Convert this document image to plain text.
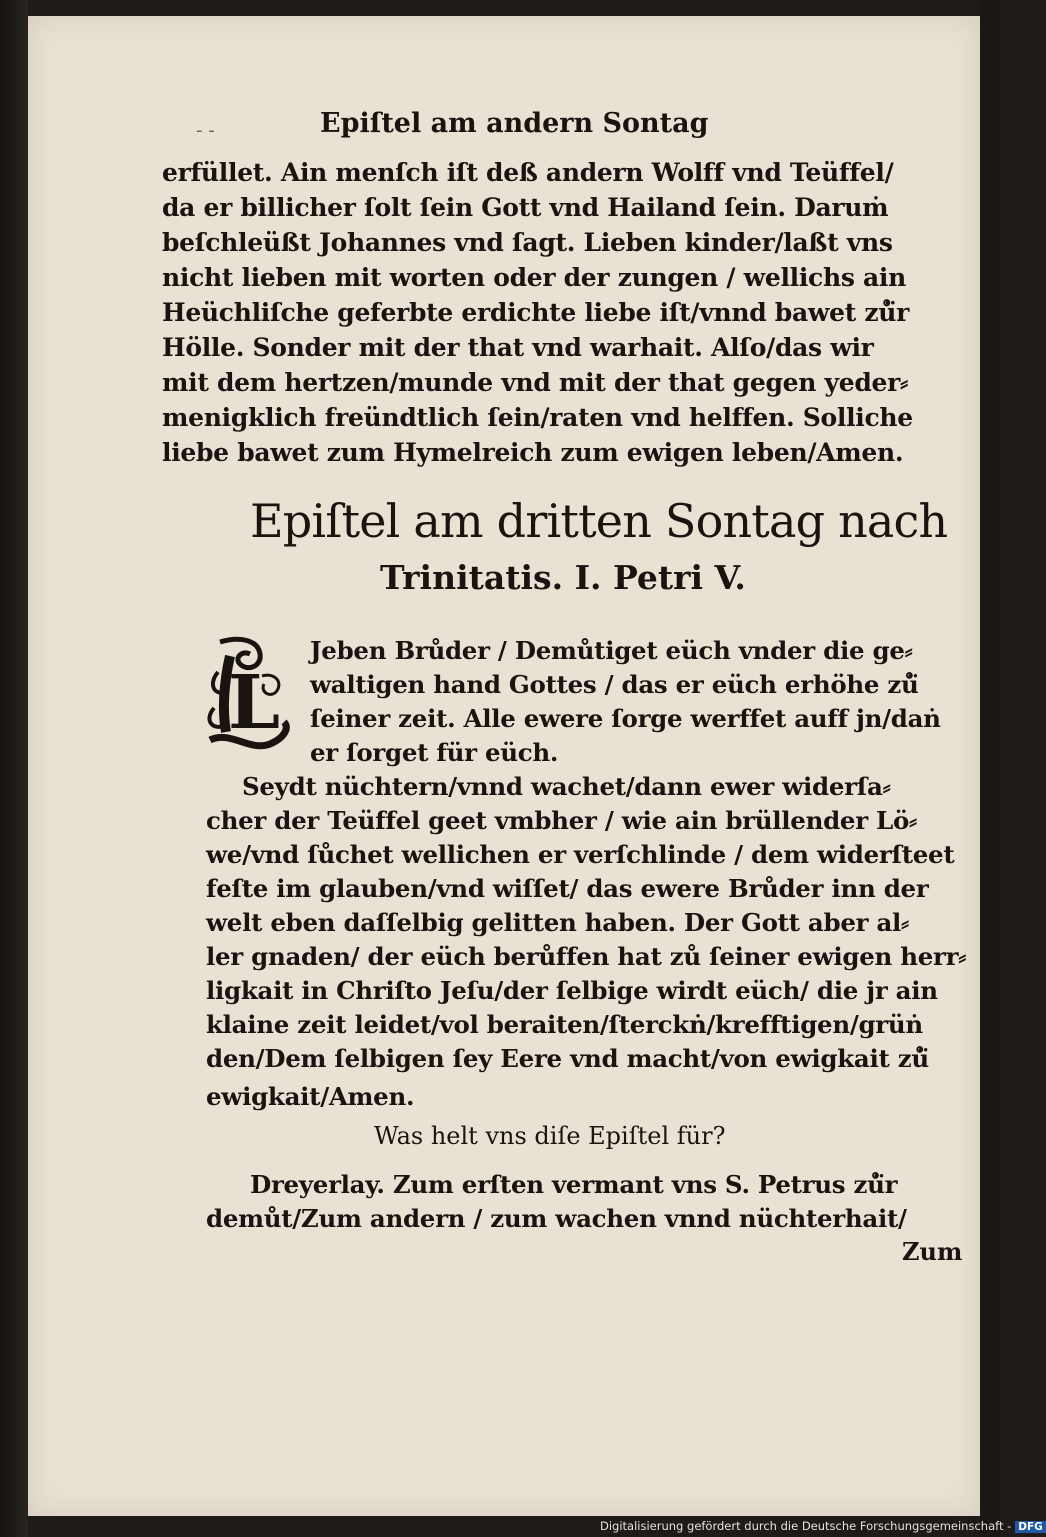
- -	Epiſtel am andern Sontag
erfüllet. Ain menſch iſt deß andern Wolff vnd Teüffel/
da er billicher ſolt ſein Gott vnd Hailand ſein. Daruṁ
beſchleüßt Johannes vnd ſagt. Lieben kinder/laßt vns
nicht lieben mit worten oder der zungen / wellichs ain
Heüchliſche geferbte erdichte liebe iſt/vnnd bawet zů̈r
Hölle. Sonder mit der that vnd warhait. Alſo/das wir
mit dem hertzen/munde vnd mit der that gegen yeder⸗
menigklich freündtlich ſein/raten vnd helffen. Solliche
liebe bawet zum Hymelreich zum ewigen leben/Amen.
Epiſtel am dritten Sontag nach
Trinitatis. I. Petri V.
L
Jeben Brůder / Demůtiget eüch vnder die ge⸗
waltigen hand Gottes / das er eüch erhöhe zů̈
ſeiner zeit. Alle ewere ſorge werffet auff jn/daṅ
er ſorget für eüch.
Seydt nüchtern/vnnd wachet/dann ewer widerſa⸗
cher der Teüffel geet vmbher / wie ain brüllender Lö⸗
we/vnd ſůchet wellichen er verſchlinde / dem widerſteet
feſte im glauben/vnd wiſſet/ das ewere Brůder inn der
welt eben daſſelbig gelitten haben. Der Gott aber al⸗
ler gnaden/ der eüch berůffen hat zů ſeiner ewigen herr⸗
ligkait in Chriſto Jeſu/der ſelbige wirdt eüch/ die jr ain
klaine zeit leidet/vol beraiten/ſterckṅ/krefftigen/grüṅ
den/Dem ſelbigen ſey Eere vnd macht/von ewigkait zů̈
ewigkait/Amen.
Was helt vns diſe Epiſtel für?
Dreyerlay. Zum erſten vermant vns S. Petrus zů̈r
demůt/Zum andern / zum wachen vnnd nüchterhait/
Zum
Digitalisierung gefördert durch die Deutsche Forschungsgemeinschaft - DFG
